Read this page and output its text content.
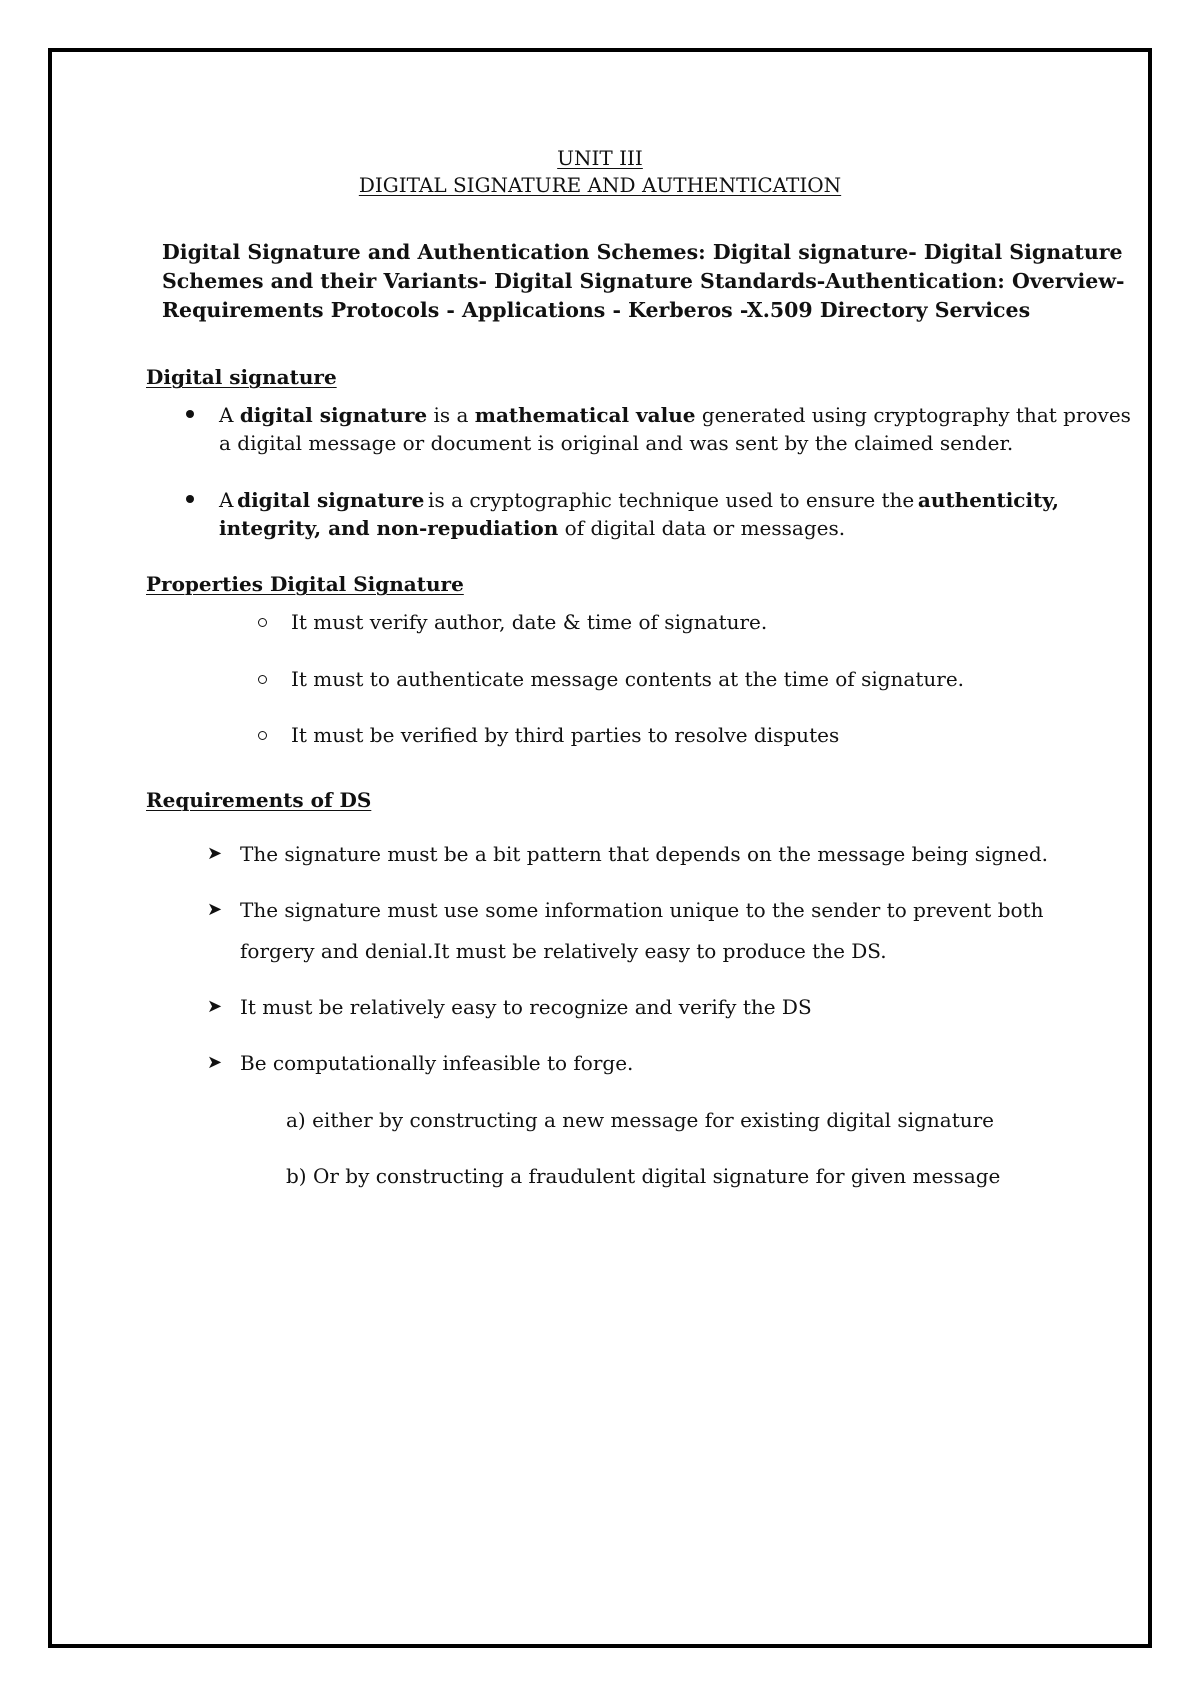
UNIT III
DIGITAL SIGNATURE AND AUTHENTICATION
Digital Signature and Authentication Schemes: Digital signature- Digital Signature
Schemes and their Variants- Digital Signature Standards-Authentication: Overview-
Requirements Protocols - Applications - Kerberos -X.509 Directory Services
Digital signature
A digital signature is a mathematical value generated using cryptography that proves
a digital message or document is original and was sent by the claimed sender.
A digital signature is a cryptographic technique used to ensure the authenticity,
integrity, and non-repudiation of digital data or messages.
Properties Digital Signature
It must verify author, date & time of signature.
It must to authenticate message contents at the time of signature.
It must be verified by third parties to resolve disputes
Requirements of DS
➤ The signature must be a bit pattern that depends on the message being signed.
➤ The signature must use some information unique to the sender to prevent both
forgery and denial.It must be relatively easy to produce the DS.
➤ It must be relatively easy to recognize and verify the DS
➤ Be computationally infeasible to forge.
a) either by constructing a new message for existing digital signature
b) Or by constructing a fraudulent digital signature for given message
